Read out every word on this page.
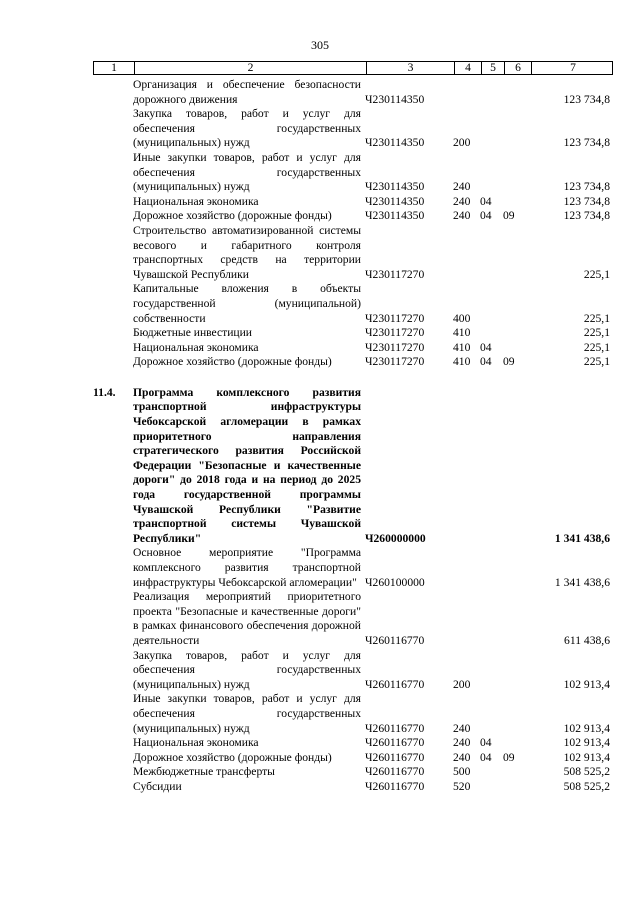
305
1	2	3	4	5	6	7
	Организация и обеспечение безопасности дорожного движения	Ч230114350				123 734,8
	Закупка товаров, работ и услуг для обеспечения государственных (муниципальных) нужд	Ч230114350	200			123 734,8
	Иные закупки товаров, работ и услуг для обеспечения государственных (муниципальных) нужд	Ч230114350	240			123 734,8
	Национальная экономика	Ч230114350	240	04		123 734,8
	Дорожное хозяйство (дорожные фонды)	Ч230114350	240	04	09	123 734,8
	Строительство автоматизированной системы весового и габаритного контроля транспортных средств на территории Чувашской Республики	Ч230117270				225,1
	Капитальные вложения в объекты государственной (муниципальной) собственности	Ч230117270	400			225,1
	Бюджетные инвестиции	Ч230117270	410			225,1
	Национальная экономика	Ч230117270	410	04		225,1
	Дорожное хозяйство (дорожные фонды)	Ч230117270	410	04	09	225,1

11.4.	Программа комплексного развития транспортной инфраструктуры Чебоксарской агломерации в рамках приоритетного направления стратегического развития Российской Федерации "Безопасные и качественные дороги" до 2018 года и на период до 2025 года государственной программы Чувашской Республики "Развитие транспортной системы Чувашской Республики"	Ч260000000				1 341 438,6
	Основное мероприятие "Программа комплексного развития транспортной инфраструктуры Чебоксарской агломерации"	Ч260100000				1 341 438,6
	Реализация мероприятий приоритетного проекта "Безопасные и качественные дороги" в рамках финансового обеспечения дорожной деятельности	Ч260116770				611 438,6
	Закупка товаров, работ и услуг для обеспечения государственных (муниципальных) нужд	Ч260116770	200			102 913,4
	Иные закупки товаров, работ и услуг для обеспечения государственных (муниципальных) нужд	Ч260116770	240			102 913,4
	Национальная экономика	Ч260116770	240	04		102 913,4
	Дорожное хозяйство (дорожные фонды)	Ч260116770	240	04	09	102 913,4
	Межбюджетные трансферты	Ч260116770	500			508 525,2
	Субсидии	Ч260116770	520			508 525,2
